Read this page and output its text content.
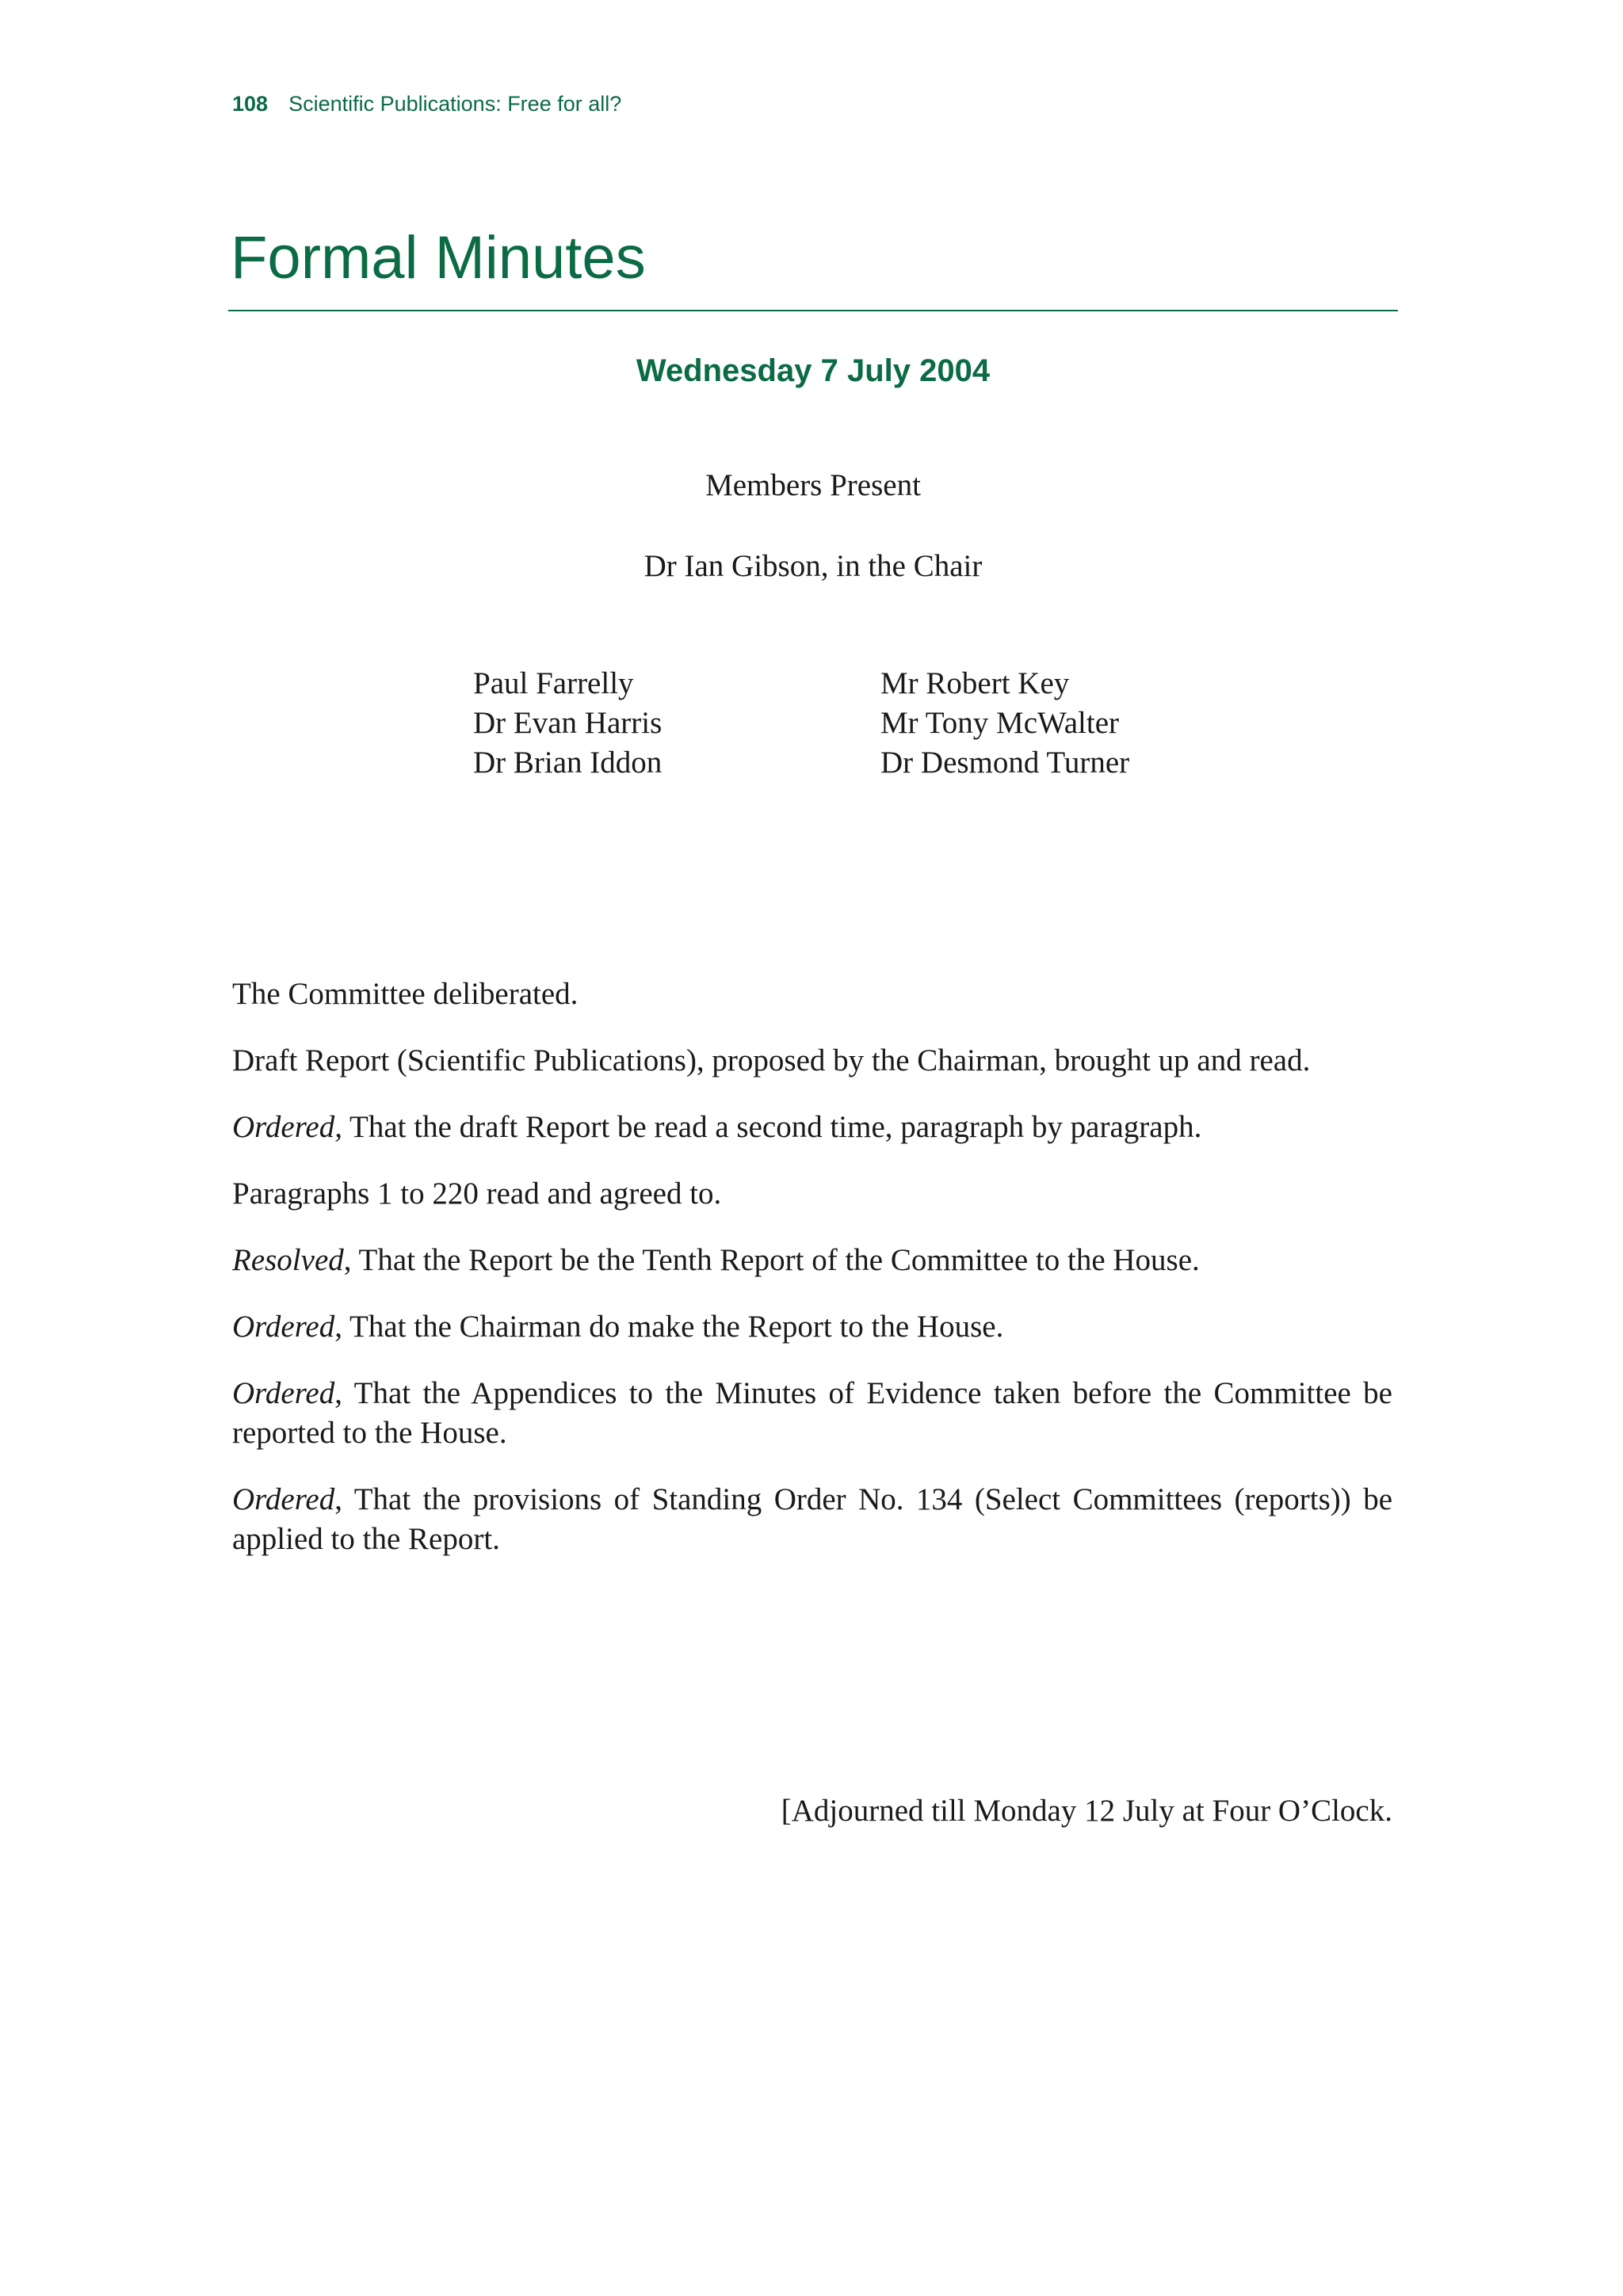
108 Scientific Publications: Free for all?
Formal Minutes
Wednesday 7 July 2004
Members Present
Dr Ian Gibson, in the Chair
Paul Farrelly
Dr Evan Harris
Dr Brian Iddon
Mr Robert Key
Mr Tony McWalter
Dr Desmond Turner

The Committee deliberated.

Draft Report (Scientific Publications), proposed by the Chairman, brought up and read.

Ordered, That the draft Report be read a second time, paragraph by paragraph.

Paragraphs 1 to 220 read and agreed to.

Resolved, That the Report be the Tenth Report of the Committee to the House.

Ordered, That the Chairman do make the Report to the House.

Ordered, That the Appendices to the Minutes of Evidence taken before the Committee be reported to the House.

Ordered, That the provisions of Standing Order No. 134 (Select Committees (reports)) be applied to the Report.

[Adjourned till Monday 12 July at Four O’Clock.
